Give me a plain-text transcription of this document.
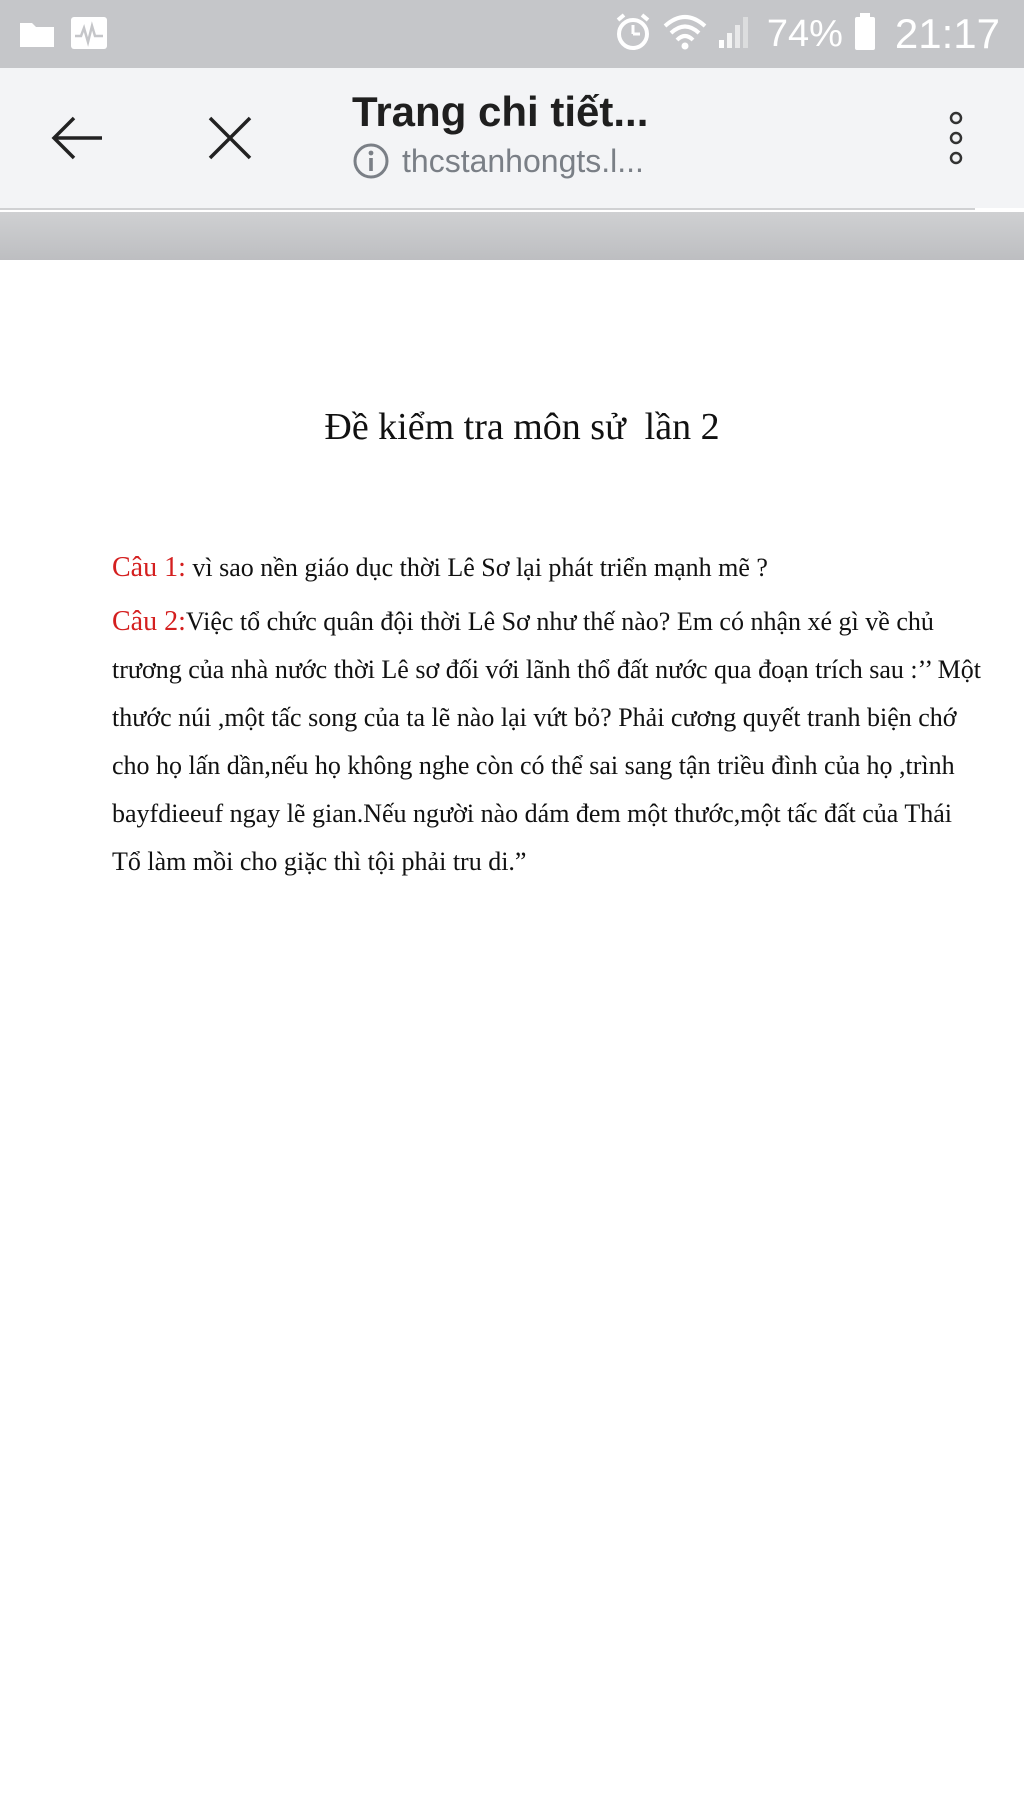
74% 21:17
Trang chi tiết...
thcstanhongts.l...
Đề kiểm tra môn sử  lần 2
Câu 1: vì sao nền giáo dục thời Lê Sơ lại phát triển mạnh mẽ ?
Câu 2:Việc tổ chức quân đội thời Lê Sơ như thế nào? Em có nhận xé gì về chủ trương của nhà nước thời Lê sơ đối với lãnh thổ đất nước qua đoạn trích sau :’’ Một thước núi ,một tấc song của ta lẽ nào lại vứt bỏ? Phải cương quyết tranh biện chớ cho họ lấn dần,nếu họ không nghe còn có thể sai sang tận triều đình của họ ,trình bayfdieeuf ngay lẽ gian.Nếu người nào dám đem một thước,một tấc đất của Thái Tổ làm mồi cho giặc thì tội phải tru di.”
